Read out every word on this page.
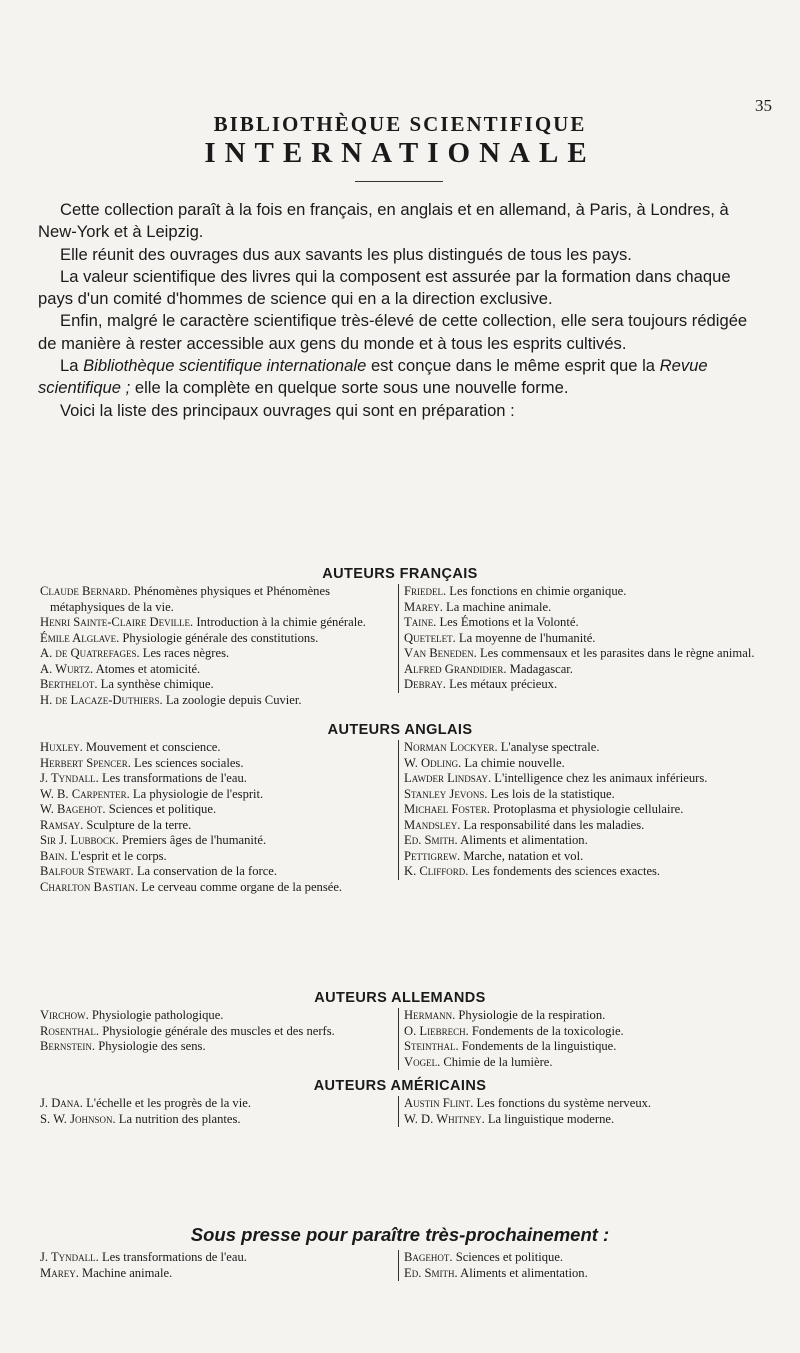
35
BIBLIOTHÈQUE SCIENTIFIQUE
INTERNATIONALE

Cette collection paraît à la fois en français, en anglais et en allemand, à Paris, à Londres, à New-York et à Leipzig.

Elle réunit des ouvrages dus aux savants les plus distingués de tous les pays.

La valeur scientifique des livres qui la composent est assurée par la formation dans chaque pays d'un comité d'hommes de science qui en a la direction exclusive.

Enfin, malgré le caractère scientifique très-élevé de cette collection, elle sera toujours rédigée de manière à rester accessible aux gens du monde et à tous les esprits cultivés.

La Bibliothèque scientifique internationale est conçue dans le même esprit que la Revue scientifique ; elle la complète en quelque sorte sous une nouvelle forme.

Voici la liste des principaux ouvrages qui sont en préparation :

AUTEURS FRANÇAIS

Claude Bernard. Phénomènes physiques et Phénomènes métaphysiques de la vie.

Henri Sainte-Claire Deville. Introduction à la chimie générale.

Émile Alglave. Physiologie générale des constitutions.

A. de Quatrefages. Les races nègres.

A. Wurtz. Atomes et atomicité.

Berthelot. La synthèse chimique.

H. de Lacaze-Duthiers. La zoologie depuis Cuvier.

Friedel. Les fonctions en chimie organique.

Marey. La machine animale.

Taine. Les Émotions et la Volonté.

Quetelet. La moyenne de l'humanité.

Van Beneden. Les commensaux et les parasites dans le règne animal.

Alfred Grandidier. Madagascar.

Debray. Les métaux précieux.

AUTEURS ANGLAIS

Huxley. Mouvement et conscience.

Herbert Spencer. Les sciences sociales.

J. Tyndall. Les transformations de l'eau.

W. B. Carpenter. La physiologie de l'esprit.

W. Bagehot. Sciences et politique.

Ramsay. Sculpture de la terre.

Sir J. Lubbock. Premiers âges de l'humanité.

Bain. L'esprit et le corps.

Balfour Stewart. La conservation de la force.

Charlton Bastian. Le cerveau comme organe de la pensée.

Norman Lockyer. L'analyse spectrale.

W. Odling. La chimie nouvelle.

Lawder Lindsay. L'intelligence chez les animaux inférieurs.

Stanley Jevons. Les lois de la statistique.

Michael Foster. Protoplasma et physiologie cellulaire.

Mandsley. La responsabilité dans les maladies.

Ed. Smith. Aliments et alimentation.

Pettigrew. Marche, natation et vol.

K. Clifford. Les fondements des sciences exactes.

AUTEURS ALLEMANDS

Virchow. Physiologie pathologique.

Rosenthal. Physiologie générale des muscles et des nerfs.

Bernstein. Physiologie des sens.

Hermann. Physiologie de la respiration.

O. Liebrech. Fondements de la toxicologie.

Steinthal. Fondements de la linguistique.

Vogel. Chimie de la lumière.

AUTEURS AMÉRICAINS

J. Dana. L'échelle et les progrès de la vie.

S. W. Johnson. La nutrition des plantes.

Austin Flint. Les fonctions du système nerveux.

W. D. Whitney. La linguistique moderne.

Sous presse pour paraître très-prochainement :

J. Tyndall. Les transformations de l'eau.

Marey. Machine animale.

Bagehot. Sciences et politique.

Ed. Smith. Aliments et alimentation.
